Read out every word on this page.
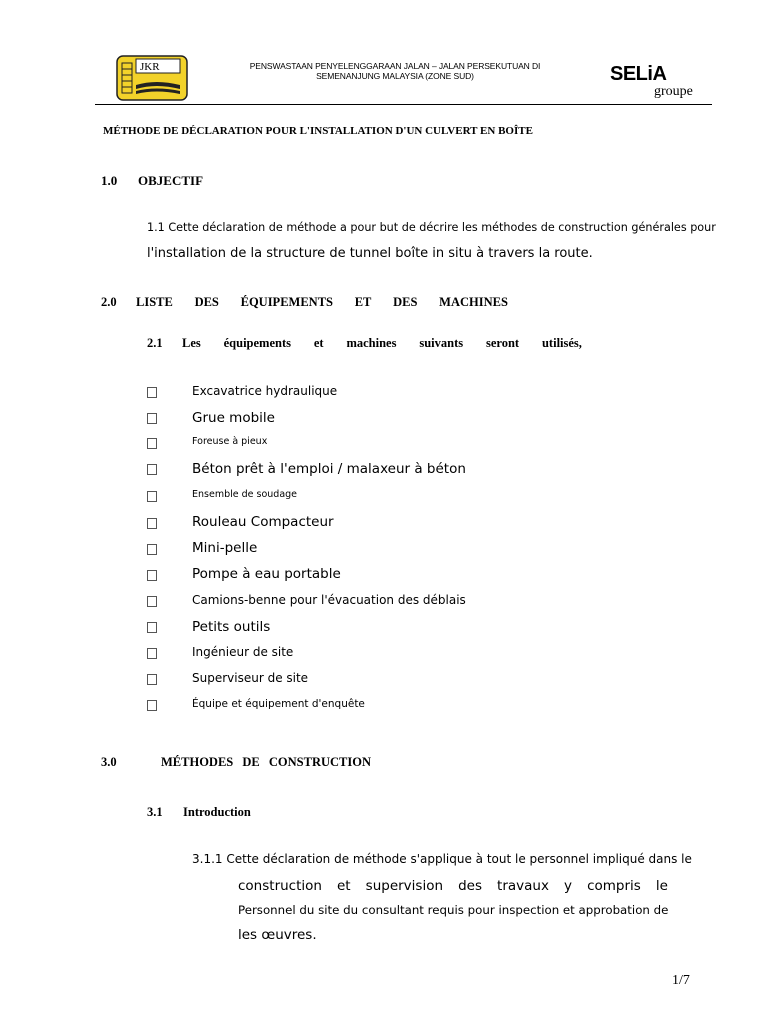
JKR	PENSWASTAAN PENYELENGGARAAN JALAN – JALAN PERSEKUTUAN DI
SEMENANJUNG MALAYSIA (ZONE SUD)	SELiA
groupe
MÉTHODE DE DÉCLARATION POUR L'INSTALLATION D'UN CULVERT EN BOÎTE
1.0 OBJECTIF
1.1 Cette déclaration de méthode a pour but de décrire les méthodes de construction générales pour
l'installation de la structure de tunnel boîte in situ à travers la route.
2.0 LISTE DES ÉQUIPEMENTS ET DES MACHINES
2.1 Les équipements et machines suivants seront utilisés,
Excavatrice hydraulique
Grue mobile
Foreuse à pieux
Béton prêt à l'emploi / malaxeur à béton
Ensemble de soudage
Rouleau Compacteur
Mini-pelle
Pompe à eau portable
Camions-benne pour l'évacuation des déblais
Petits outils
Ingénieur de site
Superviseur de site
Équipe et équipement d'enquête
3.0	MÉTHODES DE CONSTRUCTION
3.1 Introduction
3.1.1 Cette déclaration de méthode s'applique à tout le personnel impliqué dans le
construction et supervision des travaux y compris le
Personnel du site du consultant requis pour inspection et approbation de
les œuvres.
1/7
